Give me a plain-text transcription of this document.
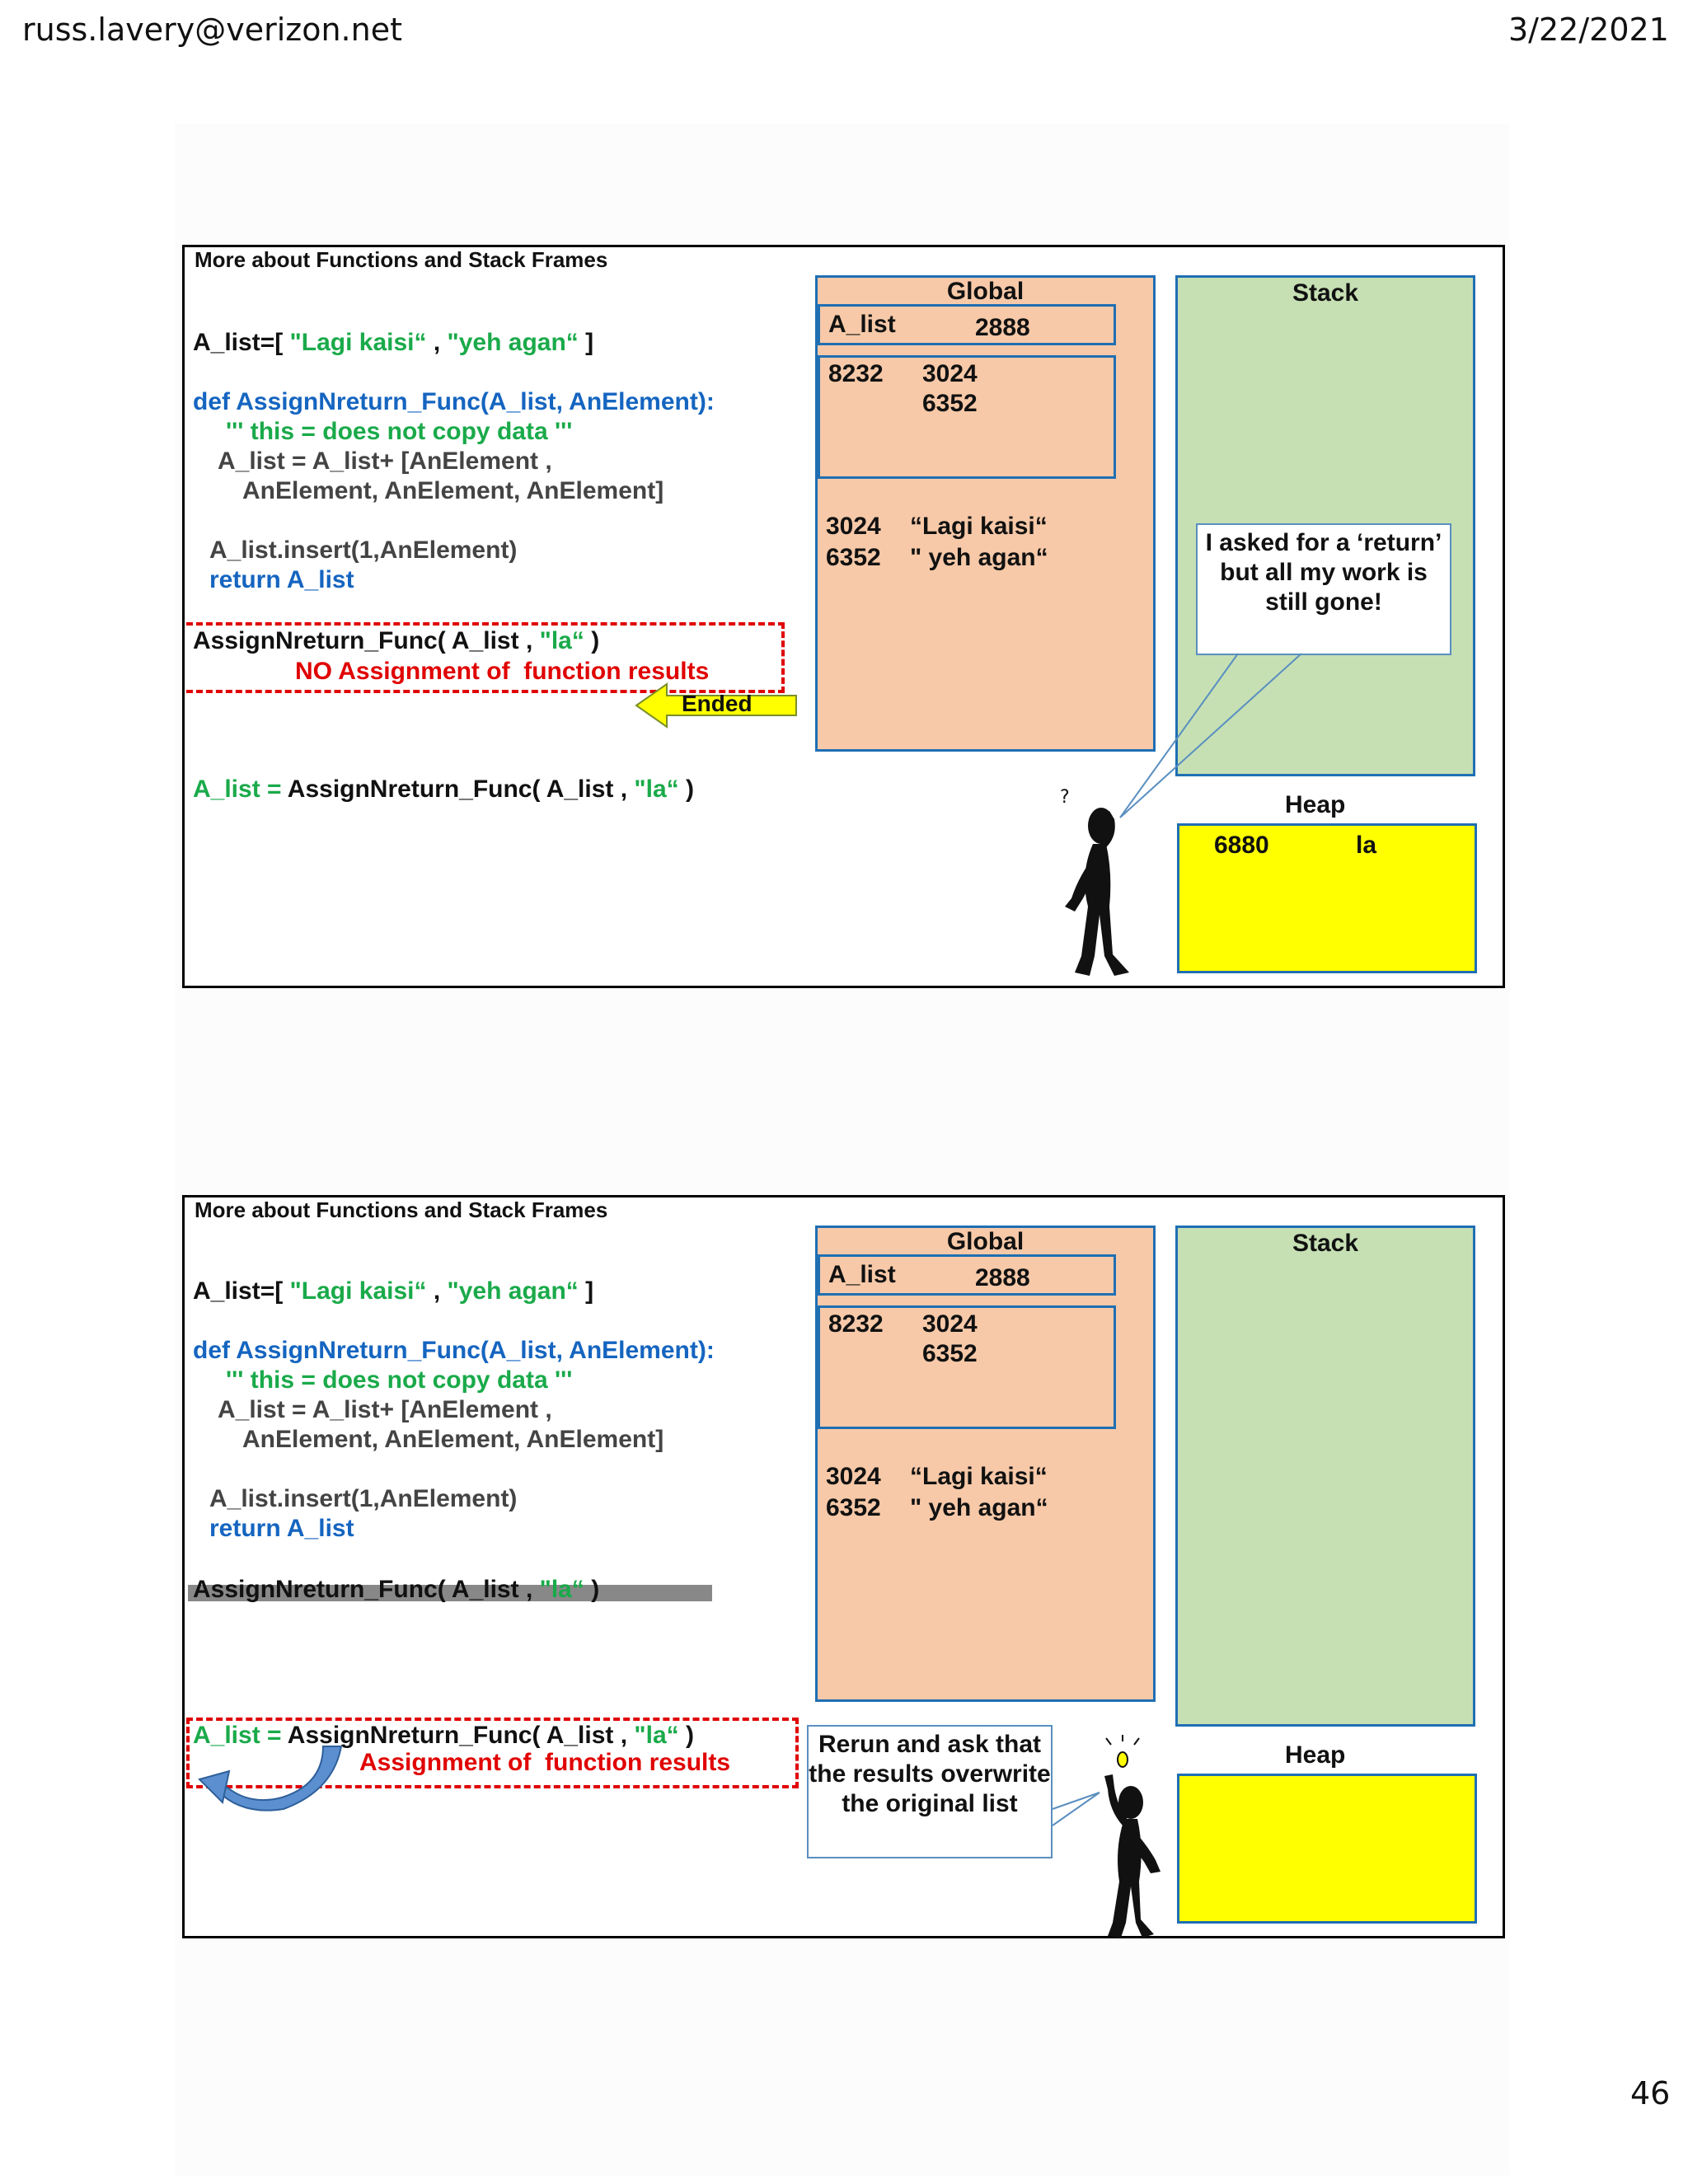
russ.lavery@verizon.net	3/22/2021
46
More about Functions and Stack Frames
A_list=[ "Lagi kaisi“ , "yeh agan“ ]
def AssignNreturn_Func(A_list, AnElement):
''' this = does not copy data '''
A_list = A_list+ [AnElement ,
AnElement, AnElement, AnElement]
A_list.insert(1,AnElement)
return A_list
AssignNreturn_Func( A_list , "la“ )
NO Assignment of  function results
Ended
A_list = AssignNreturn_Func( A_list , "la“ )
Global
A_list	2888
8232 3024
6352
3024 “Lagi kaisi“
6352 " yeh agan“
Stack
I asked for a ‘return’ but all my work is still gone!
?	Heap
6880	la
More about Functions and Stack Frames
A_list=[ "Lagi kaisi“ , "yeh agan“ ]
def AssignNreturn_Func(A_list, AnElement):
''' this = does not copy data '''
A_list = A_list+ [AnElement ,
AnElement, AnElement, AnElement]
A_list.insert(1,AnElement)
return A_list
AssignNreturn_Func( A_list , "la“ )
A_list = AssignNreturn_Func( A_list , "la“ )
Assignment of  function results
Global
A_list	2888
8232 3024
6352
3024 “Lagi kaisi“
6352 " yeh agan“
Stack
Rerun and ask that the results overwrite the original list
Heap
